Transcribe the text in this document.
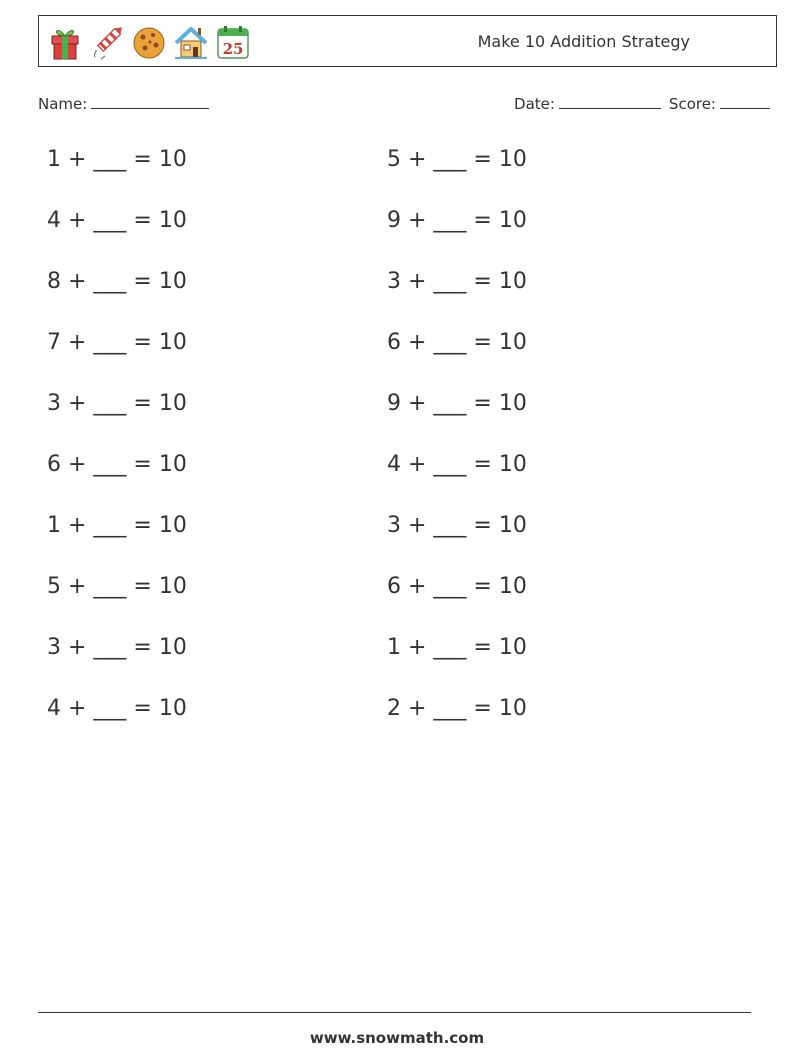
25	Make 10 Addition Strategy
Name:	Date:	Score:
1 + ___ = 10	5 + ___ = 10
4 + ___ = 10	9 + ___ = 10
8 + ___ = 10	3 + ___ = 10
7 + ___ = 10	6 + ___ = 10
3 + ___ = 10	9 + ___ = 10
6 + ___ = 10	4 + ___ = 10
1 + ___ = 10	3 + ___ = 10
5 + ___ = 10	6 + ___ = 10
3 + ___ = 10	1 + ___ = 10
4 + ___ = 10	2 + ___ = 10
www.snowmath.com
